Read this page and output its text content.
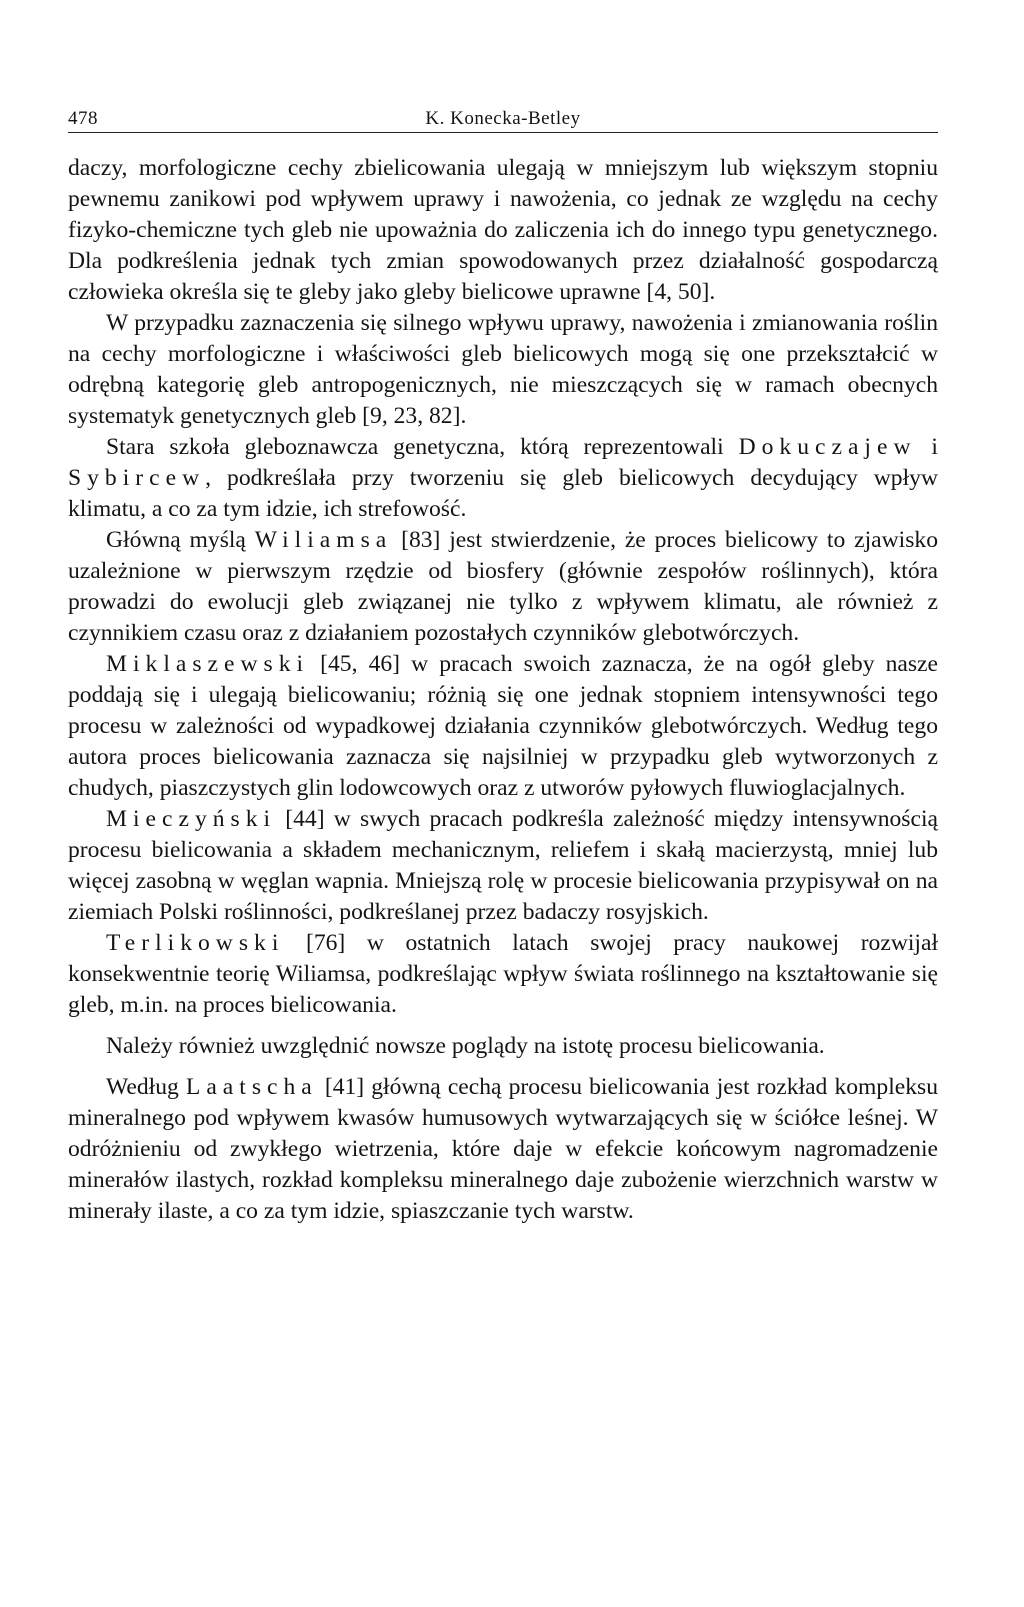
478	K. Konecka-Betley

daczy, morfologiczne cechy zbielicowania ulegają w mniejszym lub większym stopniu pewnemu zanikowi pod wpływem uprawy i nawożenia, co jednak ze względu na cechy fizyko-chemiczne tych gleb nie upoważnia do zaliczenia ich do innego typu genetycznego. Dla podkreślenia jednak tych zmian spowodowanych przez działalność gospodarczą człowieka określa się te gleby jako gleby bielicowe uprawne [4, 50].

W przypadku zaznaczenia się silnego wpływu uprawy, nawożenia i zmianowania roślin na cechy morfologiczne i właściwości gleb bielicowych mogą się one przekształcić w odrębną kategorię gleb antropogenicznych, nie mieszczących się w ramach obecnych systematyk genetycznych gleb [9, 23, 82].

Stara szkoła gleboznawcza genetyczna, którą reprezentowali Dokuczajew i Sybircew, podkreślała przy tworzeniu się gleb bielicowych decydujący wpływ klimatu, a co za tym idzie, ich strefowość.

Główną myślą Wiliamsa [83] jest stwierdzenie, że proces bielicowy to zjawisko uzależnione w pierwszym rzędzie od biosfery (głównie zespołów roślinnych), która prowadzi do ewolucji gleb związanej nie tylko z wpływem klimatu, ale również z czynnikiem czasu oraz z działaniem pozostałych czynników glebotwórczych.

Miklaszewski [45, 46] w pracach swoich zaznacza, że na ogół gleby nasze poddają się i ulegają bielicowaniu; różnią się one jednak stopniem intensywności tego procesu w zależności od wypadkowej działania czynników glebotwórczych. Według tego autora proces bielicowania zaznacza się najsilniej w przypadku gleb wytworzonych z chudych, piaszczystych glin lodowcowych oraz z utworów pyłowych fluwioglacjalnych.

Mieczyński [44] w swych pracach podkreśla zależność między intensywnością procesu bielicowania a składem mechanicznym, reliefem i skałą macierzystą, mniej lub więcej zasobną w węglan wapnia. Mniejszą rolę w procesie bielicowania przypisywał on na ziemiach Polski roślinności, podkreślanej przez badaczy rosyjskich.

Terlikowski [76] w ostatnich latach swojej pracy naukowej rozwijał konsekwentnie teorię Wiliamsa, podkreślając wpływ świata roślinnego na kształtowanie się gleb, m.in. na proces bielicowania.

Należy również uwzględnić nowsze poglądy na istotę procesu bielicowania.

Według Laatscha [41] główną cechą procesu bielicowania jest rozkład kompleksu mineralnego pod wpływem kwasów humusowych wytwarzających się w ściółce leśnej. W odróżnieniu od zwykłego wietrzenia, które daje w efekcie końcowym nagromadzenie minerałów ilastych, rozkład kompleksu mineralnego daje zubożenie wierzchnich warstw w minerały ilaste, a co za tym idzie, spiaszczanie tych warstw.
